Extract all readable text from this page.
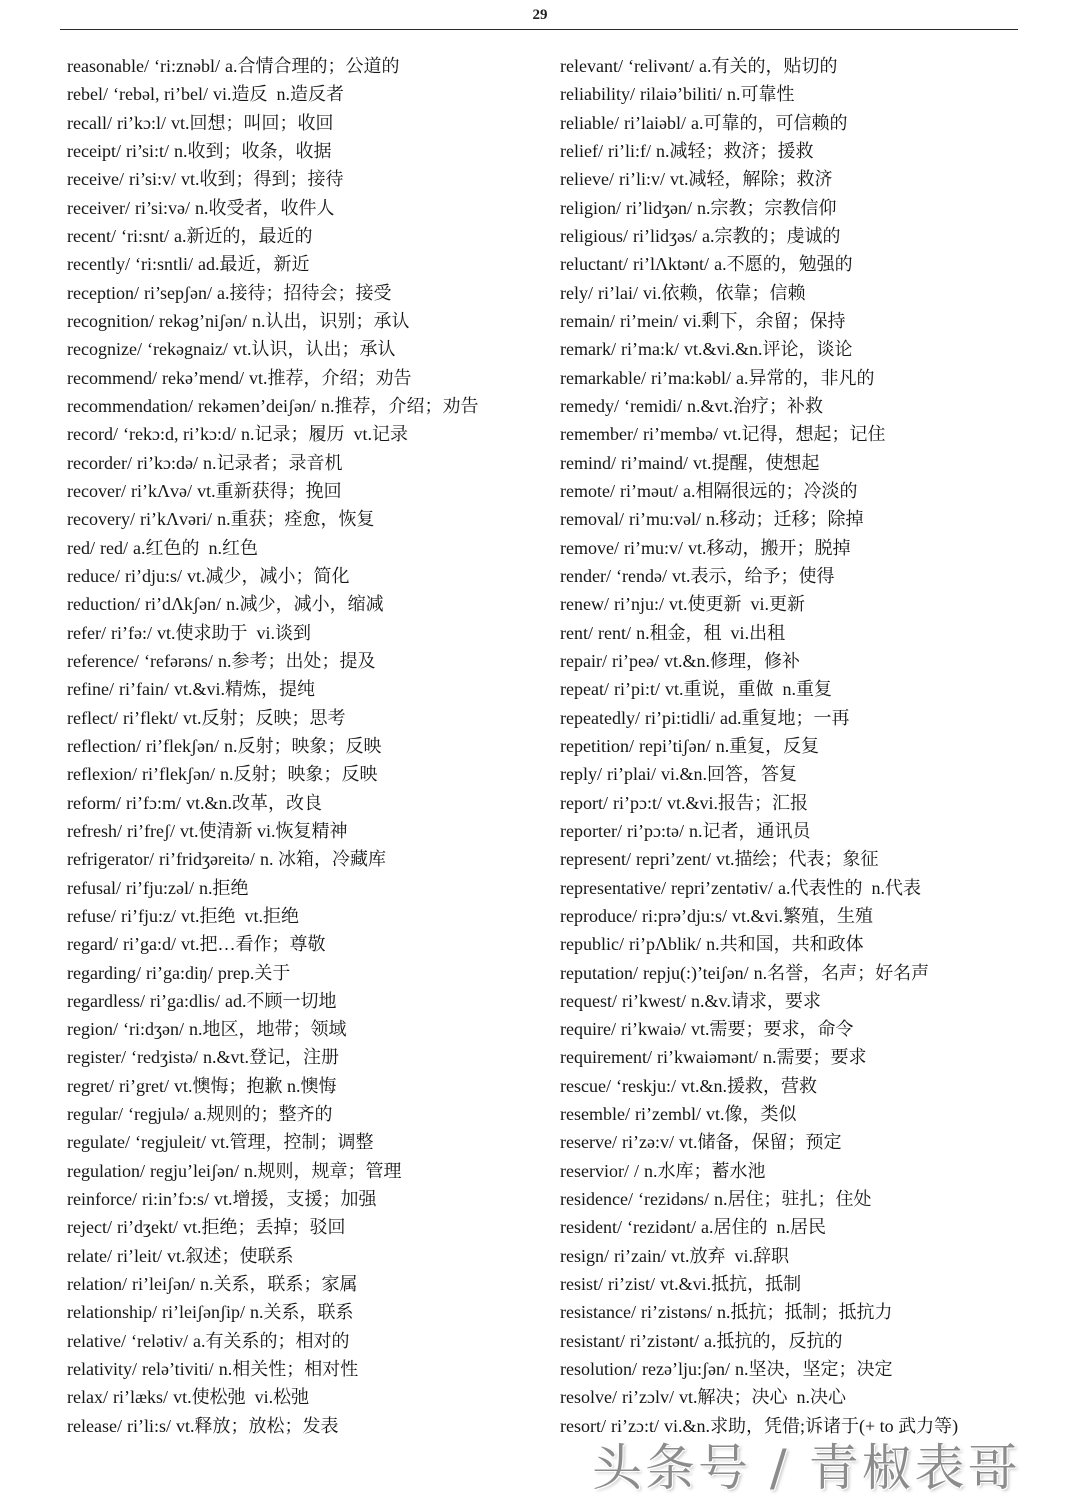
29
reasonable/ ‘ri:znəbl/ a.合情合理的；公道的
rebel/ ‘rebəl, ri’bel/ vi.造反  n.造反者
recall/ ri’kɔ:l/ vt.回想；叫回；收回
receipt/ ri’si:t/ n.收到；收条，收据
receive/ ri’si:v/ vt.收到；得到；接待
receiver/ ri’si:və/ n.收受者，收件人
recent/ ‘ri:snt/ a.新近的，最近的
recently/ ‘ri:sntli/ ad.最近，新近
reception/ ri’sepʃən/ a.接待；招待会；接受
recognition/ rekəg’niʃən/ n.认出，识别；承认
recognize/ ‘rekəgnaiz/ vt.认识，认出；承认
recommend/ rekə’mend/ vt.推荐，介绍；劝告
recommendation/ rekəmen’deiʃən/ n.推荐，介绍；劝告
record/ ‘rekɔ:d, ri’kɔ:d/ n.记录；履历  vt.记录
recorder/ ri’kɔ:də/ n.记录者；录音机
recover/ ri’kΛvə/ vt.重新获得；挽回
recovery/ ri’kΛvəri/ n.重获；痊愈，恢复
red/ red/ a.红色的  n.红色
reduce/ ri’dju:s/ vt.减少，减小；简化
reduction/ ri’dΛkʃən/ n.减少，减小，缩减
refer/ ri’fə:/ vt.使求助于  vi.谈到
reference/ ‘refərəns/ n.参考；出处；提及
refine/ ri’fain/ vt.&vi.精炼，提纯
reflect/ ri’flekt/ vt.反射；反映；思考
reflection/ ri’flekʃən/ n.反射；映象；反映
reflexion/ ri’flekʃən/ n.反射；映象；反映
reform/ ri’fɔ:m/ vt.&n.改革，改良
refresh/ ri’freʃ/ vt.使清新 vi.恢复精神
refrigerator/ ri’fridʒəreitə/ n. 冰箱，冷藏库
refusal/ ri’fju:zəl/ n.拒绝
refuse/ ri’fju:z/ vt.拒绝  vt.拒绝
regard/ ri’ga:d/ vt.把…看作；尊敬
regarding/ ri’ga:diŋ/ prep.关于
regardless/ ri’ga:dlis/ ad.不顾一切地
region/ ‘ri:dʒən/ n.地区，地带；领域
register/ ‘redʒistə/ n.&vt.登记，注册
regret/ ri’gret/ vt.懊悔；抱歉 n.懊悔
regular/ ‘regjulə/ a.规则的；整齐的
regulate/ ‘regjuleit/ vt.管理，控制；调整
regulation/ regju’leiʃən/ n.规则，规章；管理
reinforce/ ri:in’fɔ:s/ vt.增援，支援；加强
reject/ ri’dʒekt/ vt.拒绝；丢掉；驳回
relate/ ri’leit/ vt.叙述；使联系
relation/ ri’leiʃən/ n.关系，联系；家属
relationship/ ri’leiʃənʃip/ n.关系，联系
relative/ ‘relətiv/ a.有关系的；相对的
relativity/ relə’tiviti/ n.相关性；相对性
relax/ ri’læks/ vt.使松弛  vi.松弛
release/ ri’li:s/ vt.释放；放松；发表
relevant/ ‘relivənt/ a.有关的，贴切的
reliability/ rilaiə’biliti/ n.可靠性
reliable/ ri’laiəbl/ a.可靠的，可信赖的
relief/ ri’li:f/ n.减轻；救济；援救
relieve/ ri’li:v/ vt.减轻，解除；救济
religion/ ri’lidʒən/ n.宗教；宗教信仰
religious/ ri’lidʒəs/ a.宗教的；虔诚的
reluctant/ ri’lΛktənt/ a.不愿的，勉强的
rely/ ri’lai/ vi.依赖，依靠；信赖
remain/ ri’mein/ vi.剩下，余留；保持
remark/ ri’ma:k/ vt.&vi.&n.评论，谈论
remarkable/ ri’ma:kəbl/ a.异常的，非凡的
remedy/ ‘remidi/ n.&vt.治疗；补救
remember/ ri’membə/ vt.记得，想起；记住
remind/ ri’maind/ vt.提醒，使想起
remote/ ri’məut/ a.相隔很远的；冷淡的
removal/ ri’mu:vəl/ n.移动；迁移；除掉
remove/ ri’mu:v/ vt.移动，搬开；脱掉
render/ ‘rendə/ vt.表示，给予；使得
renew/ ri’nju:/ vt.使更新  vi.更新
rent/ rent/ n.租金，租  vi.出租
repair/ ri’peə/ vt.&n.修理，修补
repeat/ ri’pi:t/ vt.重说，重做  n.重复
repeatedly/ ri’pi:tidli/ ad.重复地；一再
repetition/ repi’tiʃən/ n.重复，反复
reply/ ri’plai/ vi.&n.回答，答复
report/ ri’pɔ:t/ vt.&vi.报告；汇报
reporter/ ri’pɔ:tə/ n.记者，通讯员
represent/ repri’zent/ vt.描绘；代表；象征
representative/ repri’zentətiv/ a.代表性的  n.代表
reproduce/ ri:prə’dju:s/ vt.&vi.繁殖，生殖
republic/ ri’pΛblik/ n.共和国，共和政体
reputation/ repju(:)’teiʃən/ n.名誉，名声；好名声
request/ ri’kwest/ n.&v.请求，要求
require/ ri’kwaiə/ vt.需要；要求，命令
requirement/ ri’kwaiəmənt/ n.需要；要求
rescue/ ‘reskju:/ vt.&n.援救，营救
resemble/ ri’zembl/ vt.像，类似
reserve/ ri’zə:v/ vt.储备，保留；预定
reservior/ / n.水库；蓄水池
residence/ ‘rezidəns/ n.居住；驻扎；住处
resident/ ‘rezidənt/ a.居住的  n.居民
resign/ ri’zain/ vt.放弃  vi.辞职
resist/ ri’zist/ vt.&vi.抵抗，抵制
resistance/ ri’zistəns/ n.抵抗；抵制；抵抗力
resistant/ ri’zistənt/ a.抵抗的，反抗的
resolution/ rezə’lju:ʃən/ n.坚决，坚定；决定
resolve/ ri’zɔlv/ vt.解决；决心  n.决心
resort/ ri’zɔ:t/ vi.&n.求助，凭借;诉诸于(+ to 武力等)
头条号 / 青椒表哥
